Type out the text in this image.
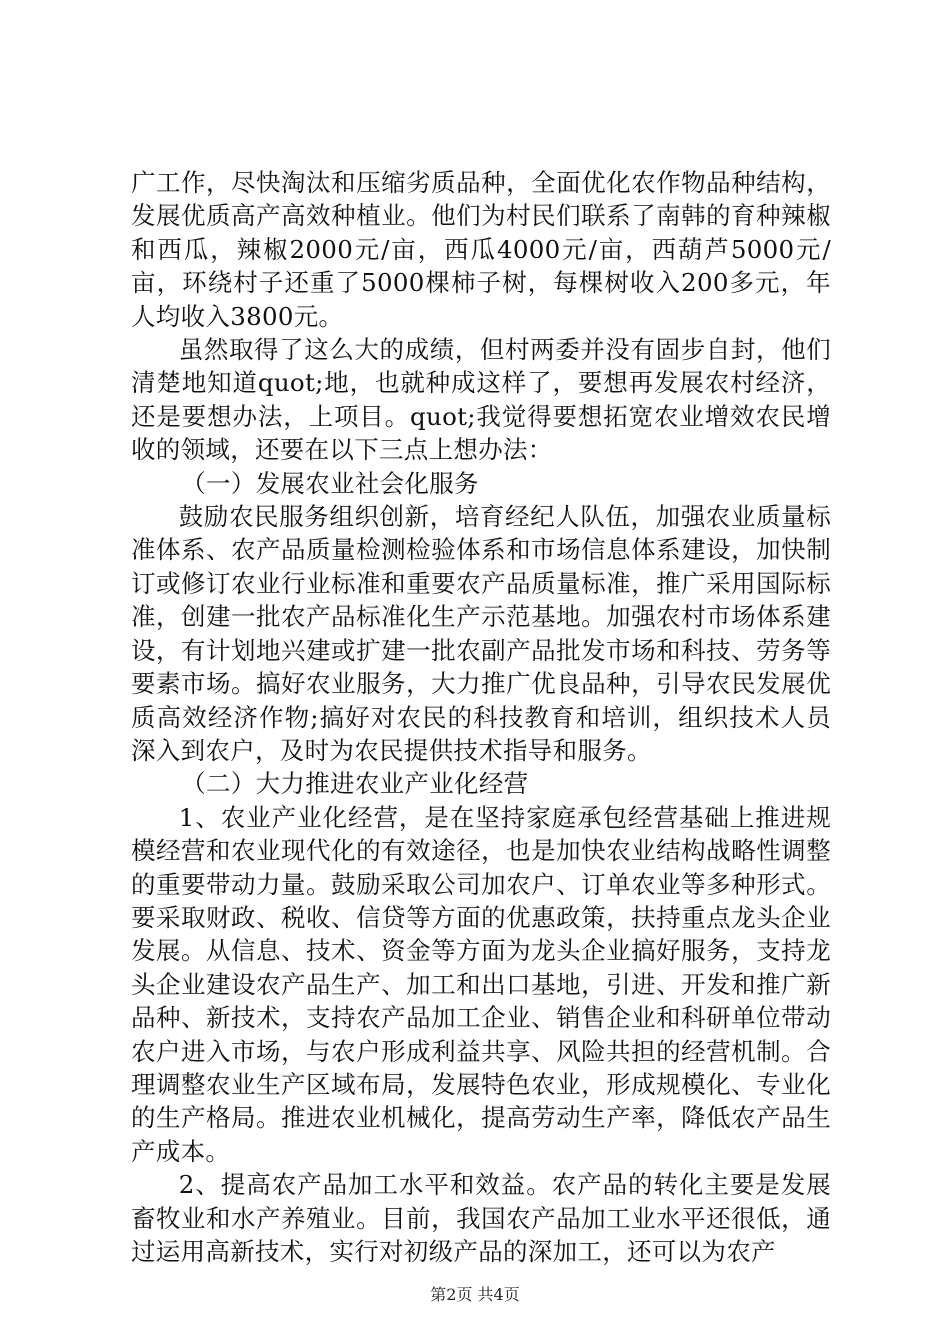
广工作，尽快淘汰和压缩劣质品种，全面优化农作物品种结构，发展优质高产高效种植业。他们为村民们联系了南韩的育种辣椒和西瓜，辣椒2000元/亩，西瓜4000元/亩，西葫芦5000元/亩，环绕村子还重了5000棵柿子树，每棵树收入200多元，年人均收入3800元。

虽然取得了这么大的成绩，但村两委并没有固步自封，他们清楚地知道quot;地，也就种成这样了，要想再发展农村经济，还是要想办法，上项目。quot;我觉得要想拓宽农业增效农民增收的领域，还要在以下三点上想办法：

（一）发展农业社会化服务

鼓励农民服务组织创新，培育经纪人队伍，加强农业质量标准体系、农产品质量检测检验体系和市场信息体系建设，加快制订或修订农业行业标准和重要农产品质量标准，推广采用国际标准，创建一批农产品标准化生产示范基地。加强农村市场体系建设，有计划地兴建或扩建一批农副产品批发市场和科技、劳务等要素市场。搞好农业服务，大力推广优良品种，引导农民发展优质高效经济作物;搞好对农民的科技教育和培训，组织技术人员深入到农户，及时为农民提供技术指导和服务。

（二）大力推进农业产业化经营

1、农业产业化经营，是在坚持家庭承包经营基础上推进规模经营和农业现代化的有效途径，也是加快农业结构战略性调整的重要带动力量。鼓励采取公司加农户、订单农业等多种形式。要采取财政、税收、信贷等方面的优惠政策，扶持重点龙头企业发展。从信息、技术、资金等方面为龙头企业搞好服务，支持龙头企业建设农产品生产、加工和出口基地，引进、开发和推广新品种、新技术，支持农产品加工企业、销售企业和科研单位带动农户进入市场，与农户形成利益共享、风险共担的经营机制。合理调整农业生产区域布局，发展特色农业，形成规模化、专业化的生产格局。推进农业机械化，提高劳动生产率，降低农产品生产成本。

2、提高农产品加工水平和效益。农产品的转化主要是发展畜牧业和水产养殖业。目前，我国农产品加工业水平还很低，通过运用高新技术，实行对初级产品的深加工，还可以为农产

第2页 共4页
